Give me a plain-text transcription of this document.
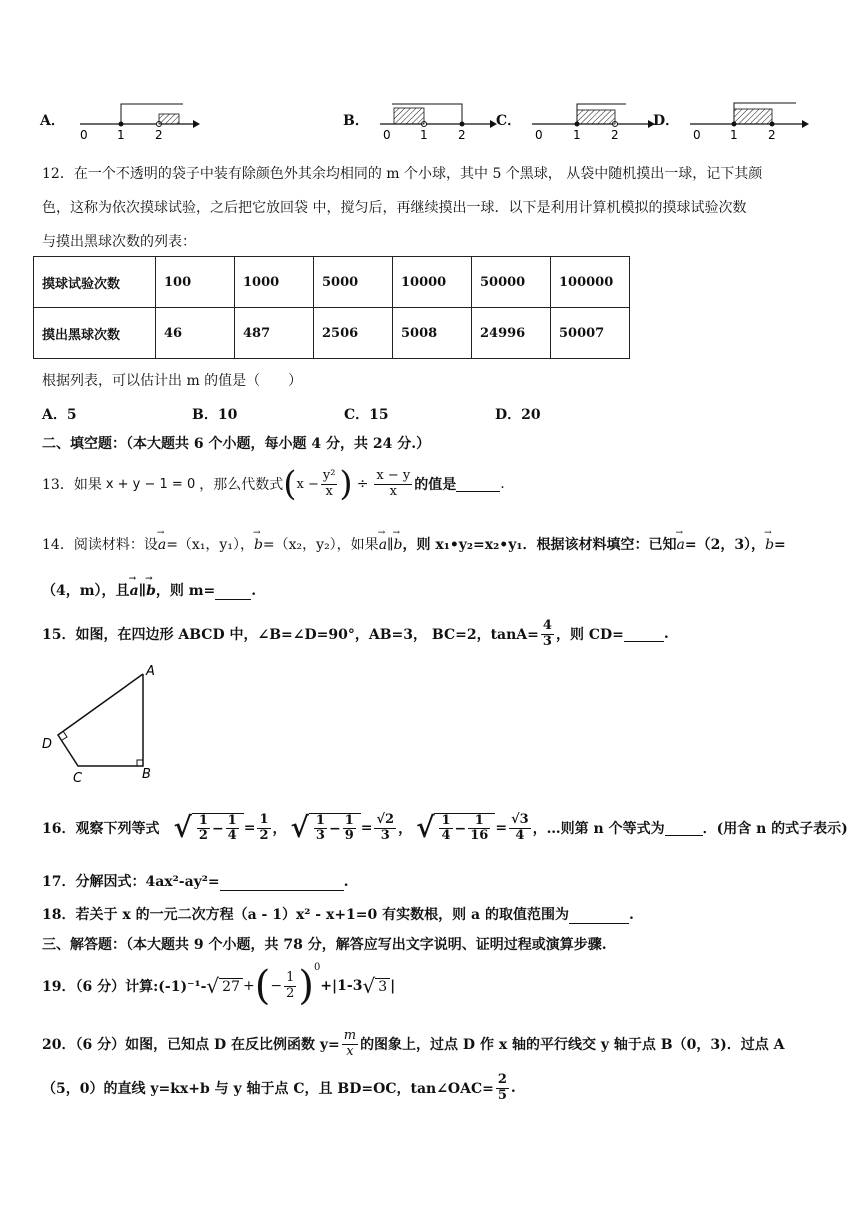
A．
0 1	2
B．
0 1	2
C．
0	1	2
D．
0 1	2
12．在一个不透明的袋子中装有除颜色外其余均相同的 m 个小球，其中 5 个黑球， 从袋中随机摸出一球，记下其颜
色，这称为依次摸球试验，之后把它放回袋 中，搅匀后，再继续摸出一球．以下是利用计算机模拟的摸球试验次数
与摸出黑球次数的列表：
摸球试验次数	100	1000	5000	10000	50000	100000
摸出黑球次数	46	487	2506	5008	24996	50007
根据列表，可以估计出 m 的值是（　　）
A．5	B．10	C．15	D．20
二、填空题：（本大题共 6 个小题，每小题 4 分，共 24 分.）
13．如果 x + y − 1 = 0 ，那么代数式 ( $x - \frac{\text{y²}}{x}$ ) ÷ $\frac{x - y}{x}$ 的值是	.
14．阅读材料：设→ a=（x₁，y₁），→ b=（x₂，y₂），如果→ a∥→ b，则 x₁•y₂=x₂•y₁．根据该材料填空：已知→ a=（2，3），→ b=
（4，m），且→ a∥→ b，则 m=	.
15．如图，在四边形 ABCD 中，∠B=∠D=90°，AB=3， BC=2，$\tan A= \frac{4}{3}$ ，则 CD=	.
A
D
C	B
16．观察下列等式 √ $\frac{1}{2} - \frac{1}{4} = \frac{1}{2}$ ， √ $\frac{1}{3} - \frac{1}{9} = \frac{√2}{3}$ ， √ $\frac{1}{4} - \frac{1}{16} = \frac{√3}{4}$ ，…则第 n 个等式为	．(用含 n 的式子表示)
17．分解因式：4ax²-ay²=	.
18．若关于 x 的一元二次方程（a - 1）x² - x+1=0 有实数根，则 a 的取值范围为	.
三、解答题：（本大题共 9 个小题，共 78 分，解答应写出文字说明、证明过程或演算步骤.
19．（6 分）计算:(-1)⁻¹- √ 27 + ( − $\frac{1}{2}$ ) 0
+|1-3 √ 3 |
20．（6 分）如图，已知点 D 在反比例函数 $y= \frac{m}{x}$ 的图象上，过点 D 作 x 轴的平行线交 y 轴于点 B（0，3)．过点 A
（5，0）的直线 y=kx+b 与 y 轴于点 C，且 BD=OC，tan∠OAC= $\frac{2}{5}$ .
